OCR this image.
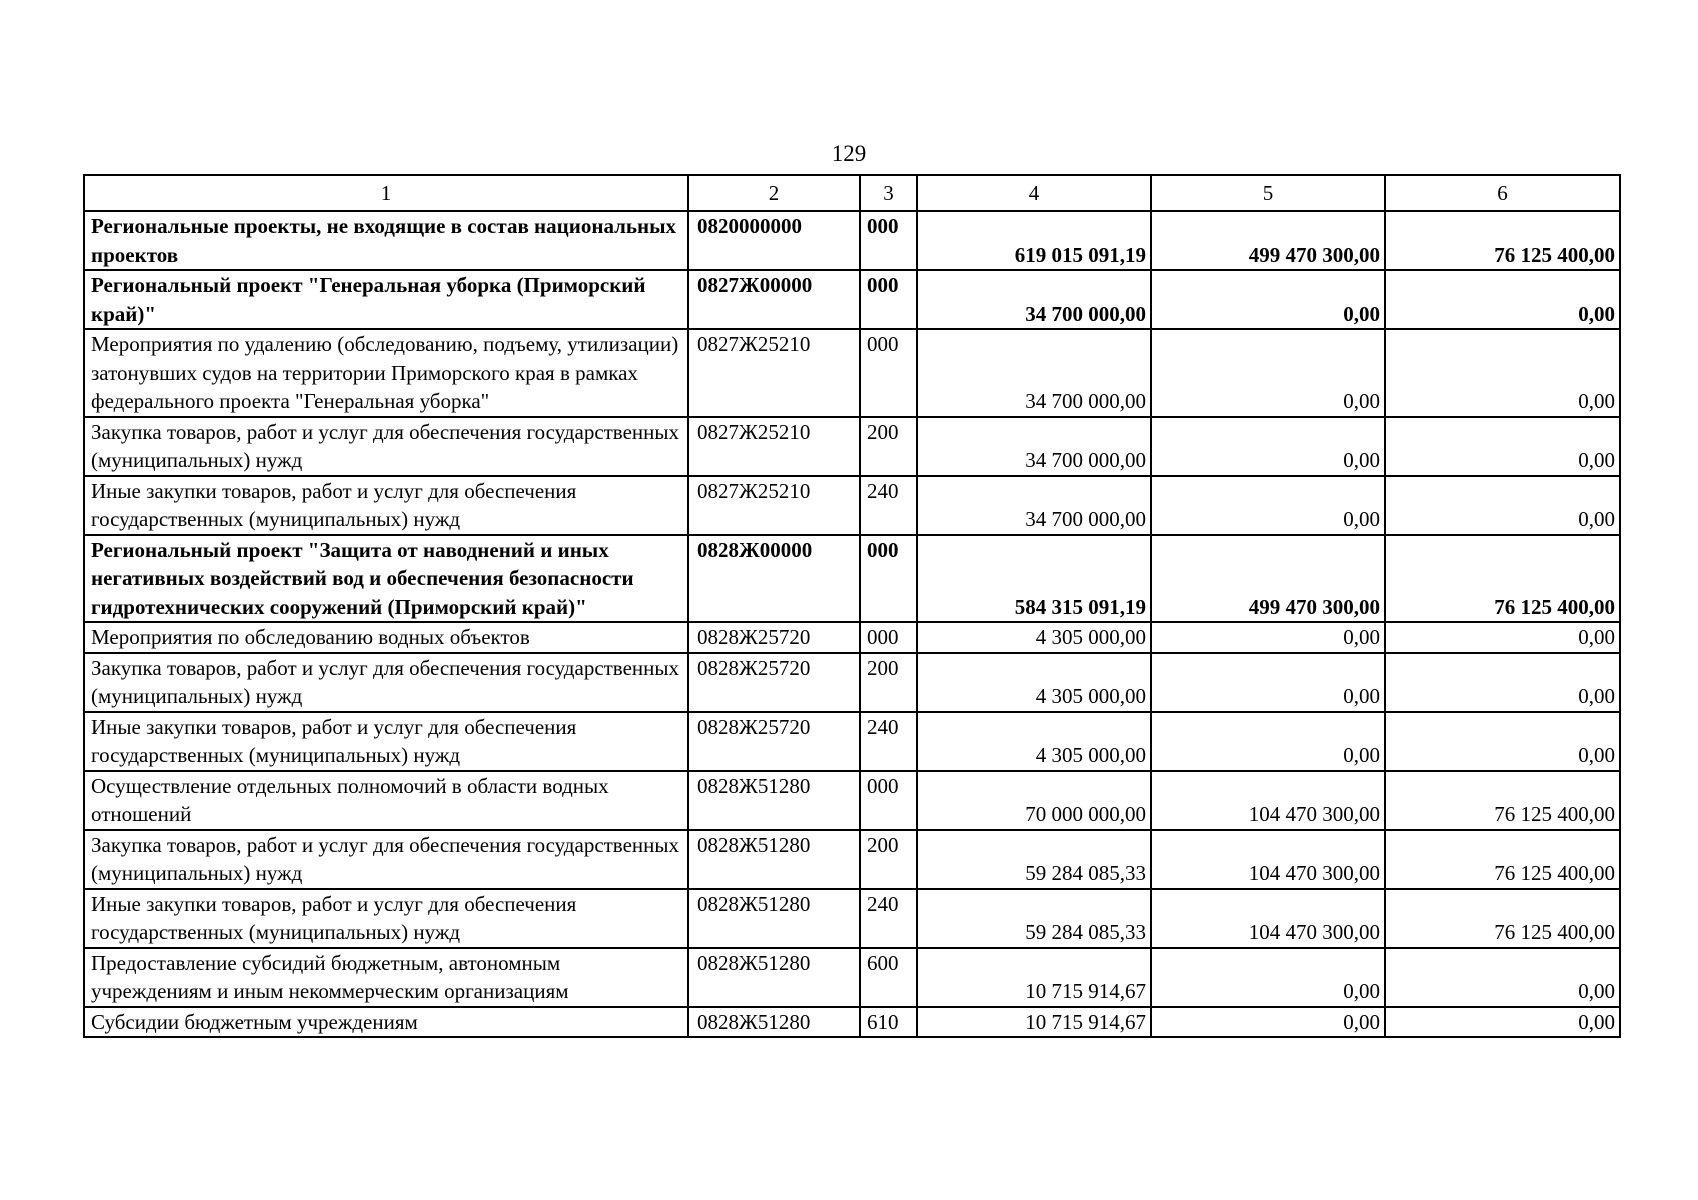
129
1	2	3	4	5	6
Региональные проекты, не входящие в состав национальных проектов	0820000000	000	619 015 091,19	499 470 300,00	76 125 400,00
Региональный проект "Генеральная уборка (Приморский край)"	0827Ж00000	000	34 700 000,00	0,00	0,00
Мероприятия по удалению (обследованию, подъему, утилизации) затонувших судов на территории Приморского края в рамках федерального проекта "Генеральная уборка"	0827Ж25210	000	34 700 000,00	0,00	0,00
Закупка товаров, работ и услуг для обеспечения государственных (муниципальных) нужд	0827Ж25210	200	34 700 000,00	0,00	0,00
Иные закупки товаров, работ и услуг для обеспечения государственных (муниципальных) нужд	0827Ж25210	240	34 700 000,00	0,00	0,00
Региональный проект "Защита от наводнений и иных негативных воздействий вод и обеспечения безопасности гидротехнических сооружений (Приморский край)"	0828Ж00000	000	584 315 091,19	499 470 300,00	76 125 400,00
Мероприятия по обследованию водных объектов	0828Ж25720	000	4 305 000,00	0,00	0,00
Закупка товаров, работ и услуг для обеспечения государственных (муниципальных) нужд	0828Ж25720	200	4 305 000,00	0,00	0,00
Иные закупки товаров, работ и услуг для обеспечения государственных (муниципальных) нужд	0828Ж25720	240	4 305 000,00	0,00	0,00
Осуществление отдельных полномочий в области водных отношений	0828Ж51280	000	70 000 000,00	104 470 300,00	76 125 400,00
Закупка товаров, работ и услуг для обеспечения государственных (муниципальных) нужд	0828Ж51280	200	59 284 085,33	104 470 300,00	76 125 400,00
Иные закупки товаров, работ и услуг для обеспечения государственных (муниципальных) нужд	0828Ж51280	240	59 284 085,33	104 470 300,00	76 125 400,00
Предоставление субсидий бюджетным, автономным учреждениям и иным некоммерческим организациям	0828Ж51280	600	10 715 914,67	0,00	0,00
Субсидии бюджетным учреждениям	0828Ж51280	610	10 715 914,67	0,00	0,00
